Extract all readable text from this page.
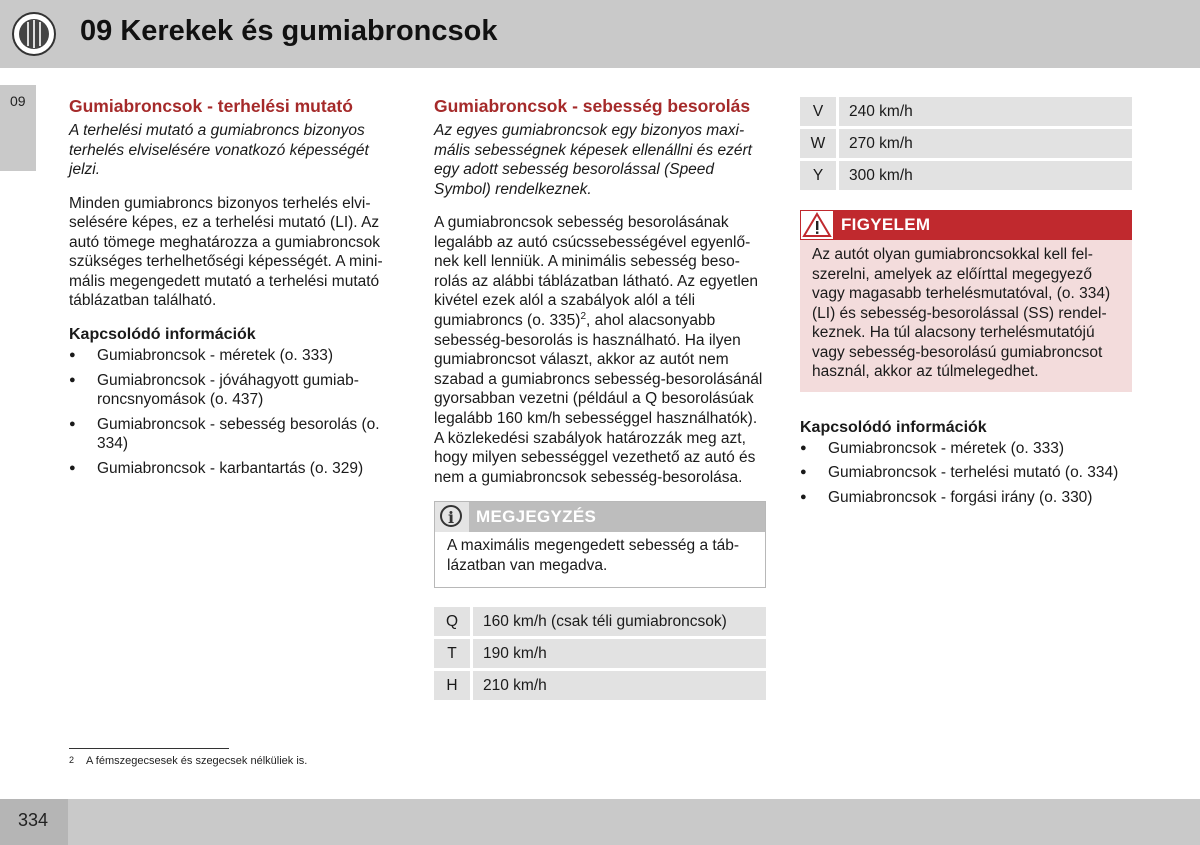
09 Kerekek és gumiabroncsok
09 Gumiabroncsok - terhelési mutató

A terhelési mutató a gumiabroncs bizonyos terhelés elviselésére vonatkozó képességét jelzi.

Minden gumiabroncs bizonyos terhelés elviselésére képes, ez a terhelési mutató (LI). Az autó tömege meghatározza a gumiabroncsok szükséges terhelhetőségi képességét. A minimális megengedett mutató a terhelési mutató táblázatban található.

Kapcsolódó információk
● Gumiabroncsok - méretek (o. 333)
● Gumiabroncsok - jóváhagyott gumiabroncsnyomások (o. 437)
● Gumiabroncsok - sebesség besorolás (o. 334)
● Gumiabroncsok - karbantartás (o. 329)
Gumiabroncsok - sebesség besorolás

Az egyes gumiabroncsok egy bizonyos maximális sebességnek képesek ellenállni és ezért egy adott sebesség besorolással (Speed Symbol) rendelkeznek.

A gumiabroncsok sebesség besorolásának legalább az autó csúcssebességével egyenlőnek kell lenniük. A minimális sebesség besorolás az alábbi táblázatban látható. Az egyetlen kivétel ezek alól a szabályok alól a téli gumiabroncs (o. 335)$^2$, ahol alacsonyabb sebesség-besorolás is használható. Ha ilyen gumiabroncsot választ, akkor az autót nem szabad a gumiabroncs sebesség-besorolásánál gyorsabban vezetni (például a Q besorolásúak legalább 160 km/h sebességgel használhatók). A közlekedési szabályok határozzák meg azt, hogy milyen sebességgel vezethető az autó és nem a gumiabroncsok sebesség-besorolása.

i	MEGJEGYZÉS
A maximális megengedett sebesség a táblázatban van megadva.
Q		160 km/h (csak téli gumiabroncsok)
T		190 km/h
H		210 km/h
V		240 km/h
W		270 km/h
Y		300 km/h
FIGYELEM
Az autót olyan gumiabroncsokkal kell felszerelni, amelyek az előírttal megegyező vagy magasabb terhelésmutatóval, (o. 334) (LI) és sebesség-besorolással (SS) rendelkeznek. Ha túl alacsony terhelésmutatójú vagy sebesség-besorolású gumiabroncsot használ, akkor az túlmelegedhet.
Kapcsolódó információk
● Gumiabroncsok - méretek (o. 333)
● Gumiabroncsok - terhelési mutató (o. 334)
● Gumiabroncsok - forgási irány (o. 330)
2 A fémszegecsesek és szegecsek nélküliek is.
334
